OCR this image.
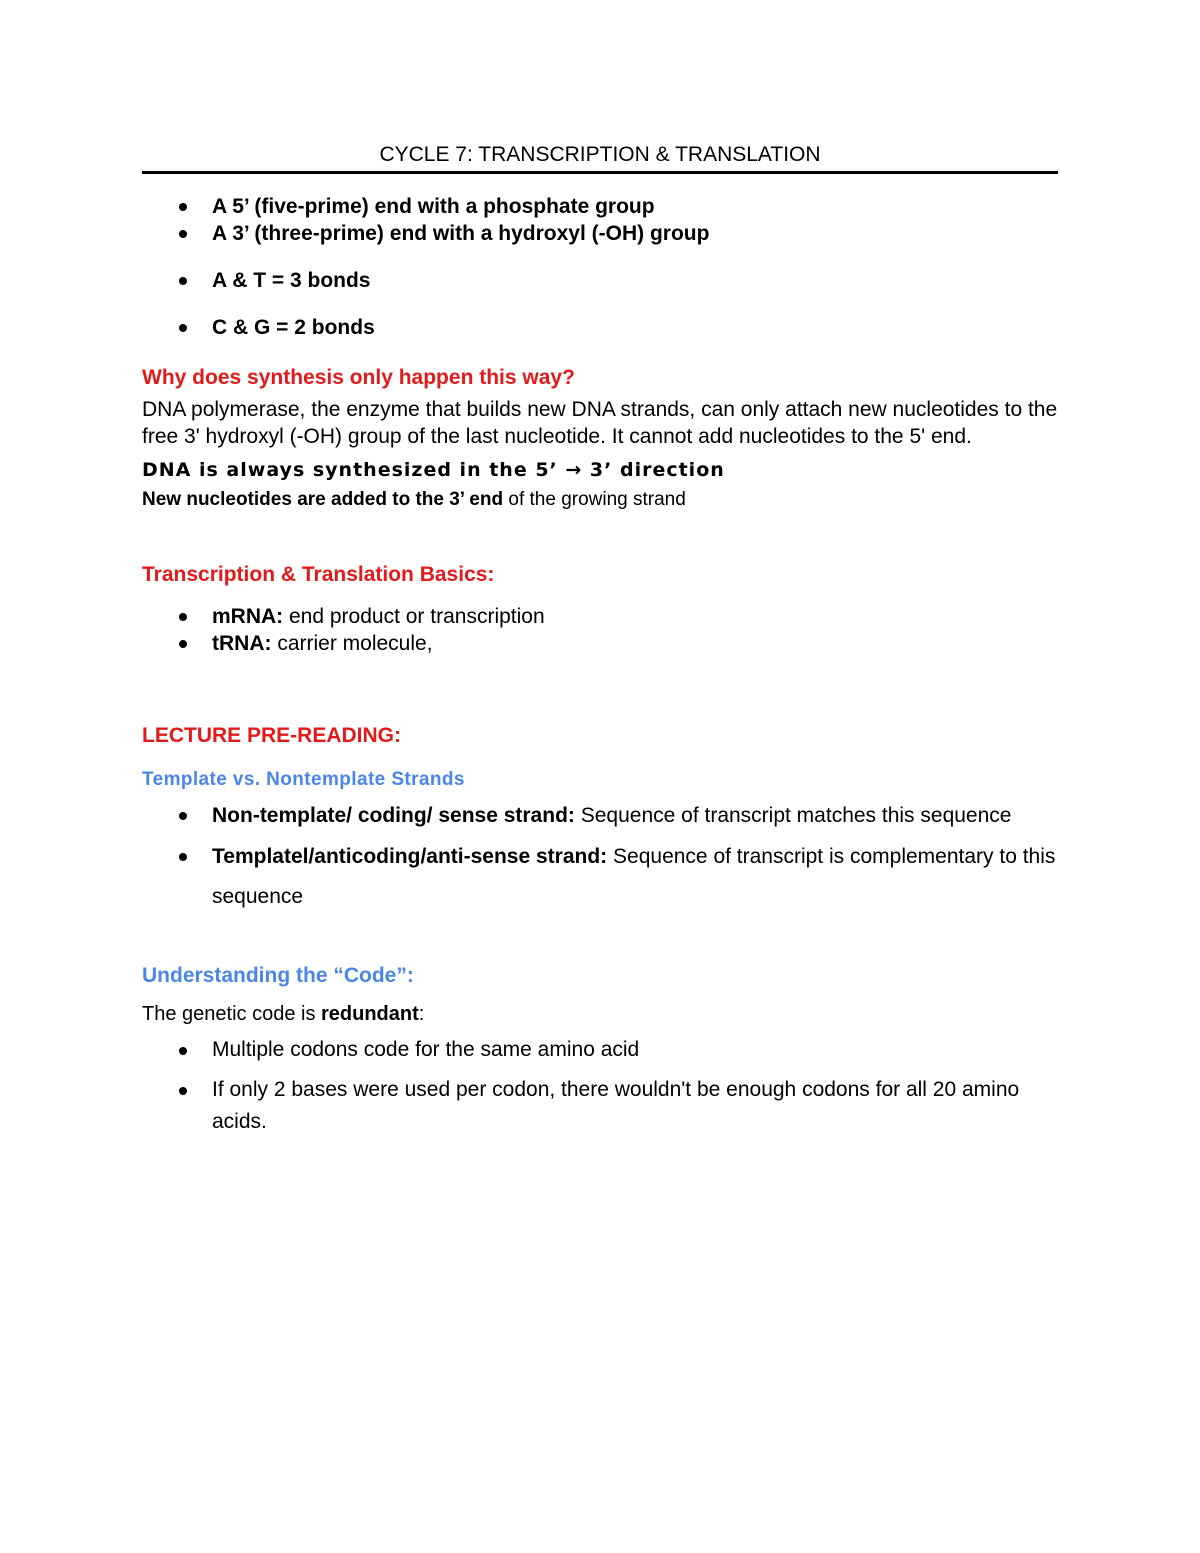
CYCLE 7: TRANSCRIPTION & TRANSLATION
A 5’ (five-prime) end with a phosphate group
A 3’ (three-prime) end with a hydroxyl (-OH) group
A & T = 3 bonds
C & G = 2 bonds
Why does synthesis only happen this way?

DNA polymerase, the enzyme that builds new DNA strands, can only attach new nucleotides to the free 3' hydroxyl (-OH) group of the last nucleotide. It cannot add nucleotides to the 5' end.

DNA is always synthesized in the 5’ → 3’ direction
New nucleotides are added to the 3’ end of the growing strand
Transcription & Translation Basics:
mRNA: end product or transcription
tRNA: carrier molecule,
LECTURE PRE-READING:
Template vs. Nontemplate Strands
Non-template/ coding/ sense strand: Sequence of transcript matches this sequence
Templatel/anticoding/anti-sense strand: Sequence of transcript is complementary to this sequence
Understanding the “Code”:
The genetic code is redundant:
Multiple codons code for the same amino acid
If only 2 bases were used per codon, there wouldn't be enough codons for all 20 amino acids.
